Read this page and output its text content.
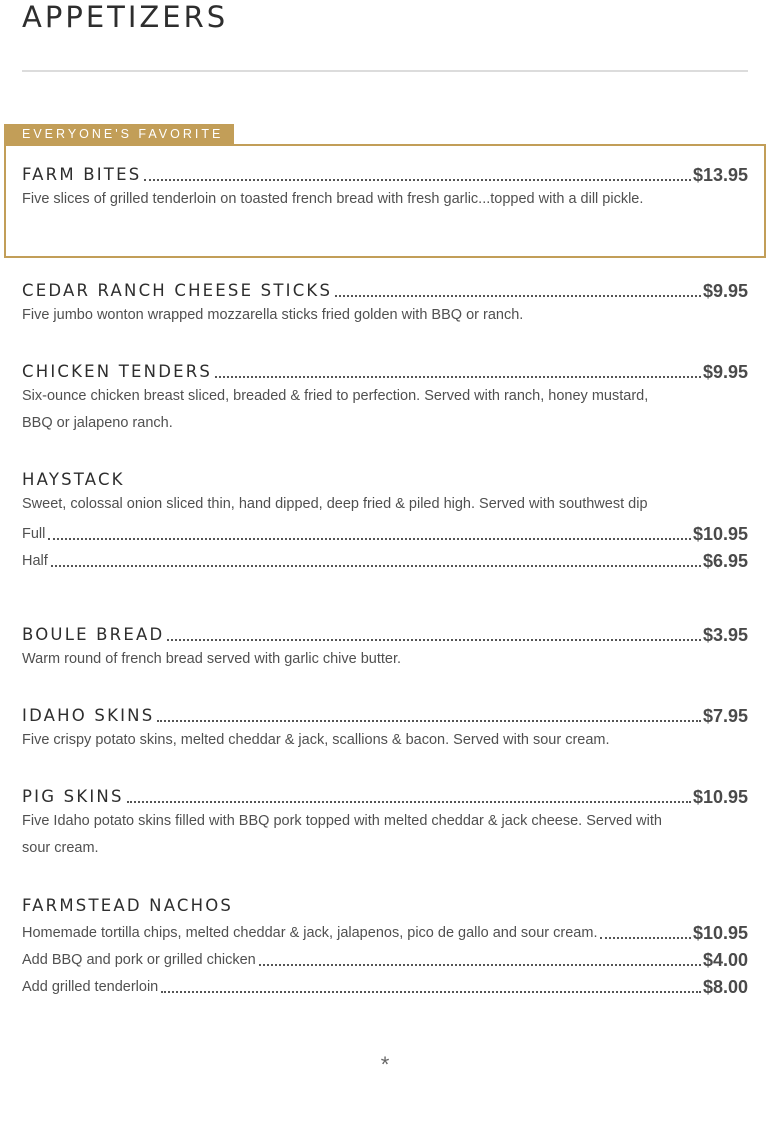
APPETIZERS
EVERYONE'S FAVORITE
FARM BITES	$13.95
Five slices of grilled tenderloin on toasted french bread with fresh garlic...topped with a dill pickle.
CEDAR RANCH CHEESE STICKS	$9.95
Five jumbo wonton wrapped mozzarella sticks fried golden with BBQ or ranch.
CHICKEN TENDERS	$9.95
Six-ounce chicken breast sliced, breaded & fried to perfection. Served with ranch, honey mustard, BBQ or jalapeno ranch.
HAYSTACK
Sweet, colossal onion sliced thin, hand dipped, deep fried & piled high. Served with southwest dip
Full	$10.95
Half	$6.95
BOULE BREAD	$3.95
Warm round of french bread served with garlic chive butter.
IDAHO SKINS	$7.95
Five crispy potato skins, melted cheddar & jack, scallions & bacon. Served with sour cream.
PIG SKINS	$10.95
Five Idaho potato skins filled with BBQ pork topped with melted cheddar & jack cheese. Served with sour cream.
FARMSTEAD NACHOS
Homemade tortilla chips, melted cheddar & jack, jalapenos, pico de gallo and sour cream.	$10.95
Add BBQ and pork or grilled chicken	$4.00
Add grilled tenderloin	$8.00
*
